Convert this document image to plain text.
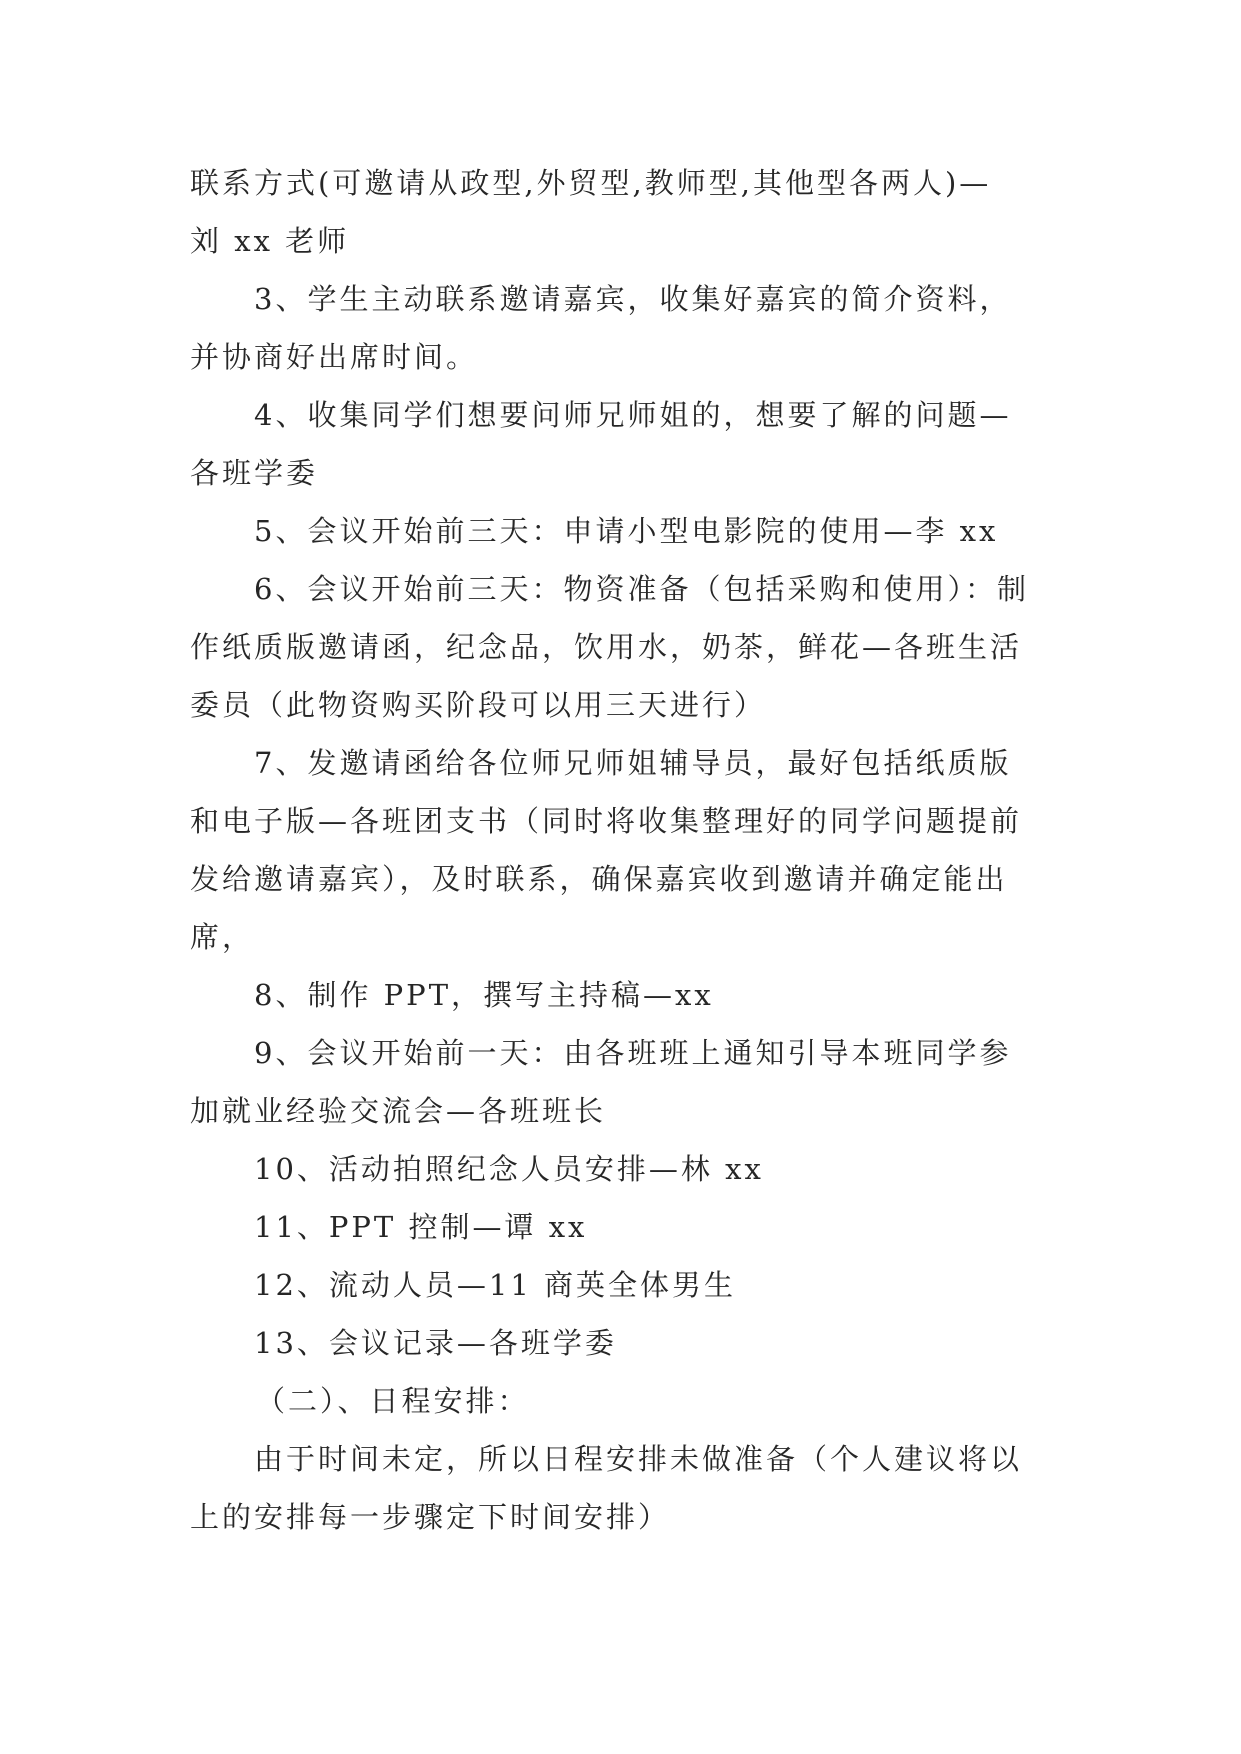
联系方式(可邀请从政型,外贸型,教师型,其他型各两人)—
刘 xx 老师

3、学生主动联系邀请嘉宾，收集好嘉宾的简介资料，
并协商好出席时间。

4、收集同学们想要问师兄师姐的，想要了解的问题—
各班学委

5、会议开始前三天：申请小型电影院的使用—李 xx

6、会议开始前三天：物资准备（包括采购和使用）：制
作纸质版邀请函，纪念品，饮用水，奶茶，鲜花—各班生活
委员（此物资购买阶段可以用三天进行）

7、发邀请函给各位师兄师姐辅导员，最好包括纸质版
和电子版—各班团支书（同时将收集整理好的同学问题提前
发给邀请嘉宾），及时联系，确保嘉宾收到邀请并确定能出
席，

8、制作 PPT，撰写主持稿—xx

9、会议开始前一天：由各班班上通知引导本班同学参
加就业经验交流会—各班班长

10、活动拍照纪念人员安排—林 xx

11、PPT 控制—谭 xx

12、流动人员—11 商英全体男生

13、会议记录—各班学委

（二）、日程安排：

由于时间未定，所以日程安排未做准备（个人建议将以
上的安排每一步骤定下时间安排）
